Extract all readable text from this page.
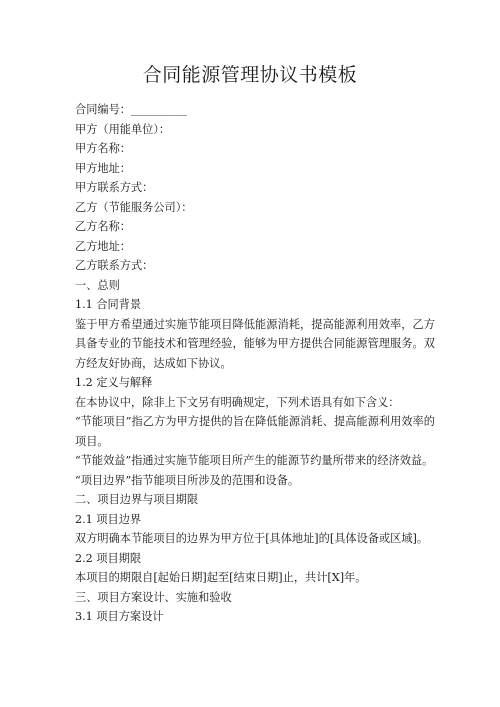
合同能源管理协议书模板

合同编号：__________

甲方（用能单位）：

甲方名称：

甲方地址：

甲方联系方式：

乙方（节能服务公司）：

乙方名称：

乙方地址：

乙方联系方式：

一、总则

1.1 合同背景

鉴于甲方希望通过实施节能项目降低能源消耗，提高能源利用效率，乙方具备专业的节能技术和管理经验，能够为甲方提供合同能源管理服务。双方经友好协商，达成如下协议。

1.2 定义与解释

在本协议中，除非上下文另有明确规定，下列术语具有如下含义：

“节能项目”指乙方为甲方提供的旨在降低能源消耗、提高能源利用效率的项目。

“节能效益”指通过实施节能项目所产生的能源节约量所带来的经济效益。

“项目边界”指节能项目所涉及的范围和设备。

二、项目边界与项目期限

2.1 项目边界

双方明确本节能项目的边界为甲方位于[具体地址]的[具体设备或区域]。

2.2 项目期限

本项目的期限自[起始日期]起至[结束日期]止，共计[X]年。

三、项目方案设计、实施和验收

3.1 项目方案设计
